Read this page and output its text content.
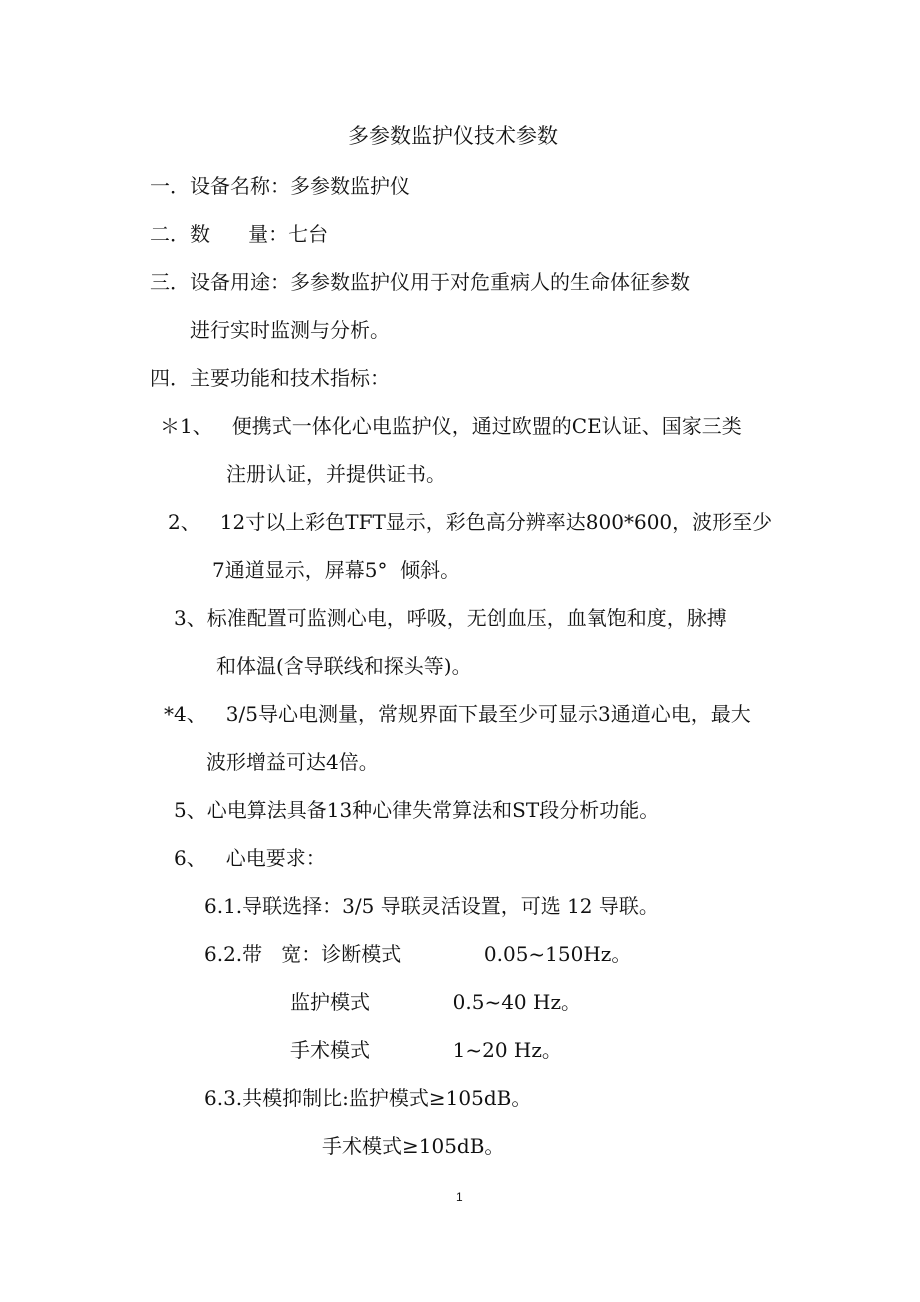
多参数监护仪技术参数

一．设备名称：多参数监护仪

二．数      量：七台

三．设备用途：多参数监护仪用于对危重病人的生命体征参数

进行实时监测与分析。

四．主要功能和技术指标：

＊1、   便携式一体化心电监护仪，通过欧盟的CE认证、国家三类

注册认证，并提供证书。

2、   12寸以上彩色TFT显示，彩色高分辨率达800*600，波形至少

7通道显示，屏幕5°  倾斜。

3、标准配置可监测心电，呼吸，无创血压，血氧饱和度，脉搏

和体温(含导联线和探头等)。

*4、   3/5导心电测量，常规界面下最至少可显示3通道心电，最大

波形增益可达4倍。

5、心电算法具备13种心律失常算法和ST段分析功能。

6、   心电要求：

6.1.导联选择：3/5 导联灵活设置，可选 12 导联。

6.2.带   宽：诊断模式             0.05~150Hz。

监护模式             0.5~40 Hz。

手术模式             1~20 Hz。

6.3.共模抑制比:监护模式≥105dB。

手术模式≥105dB。

1
